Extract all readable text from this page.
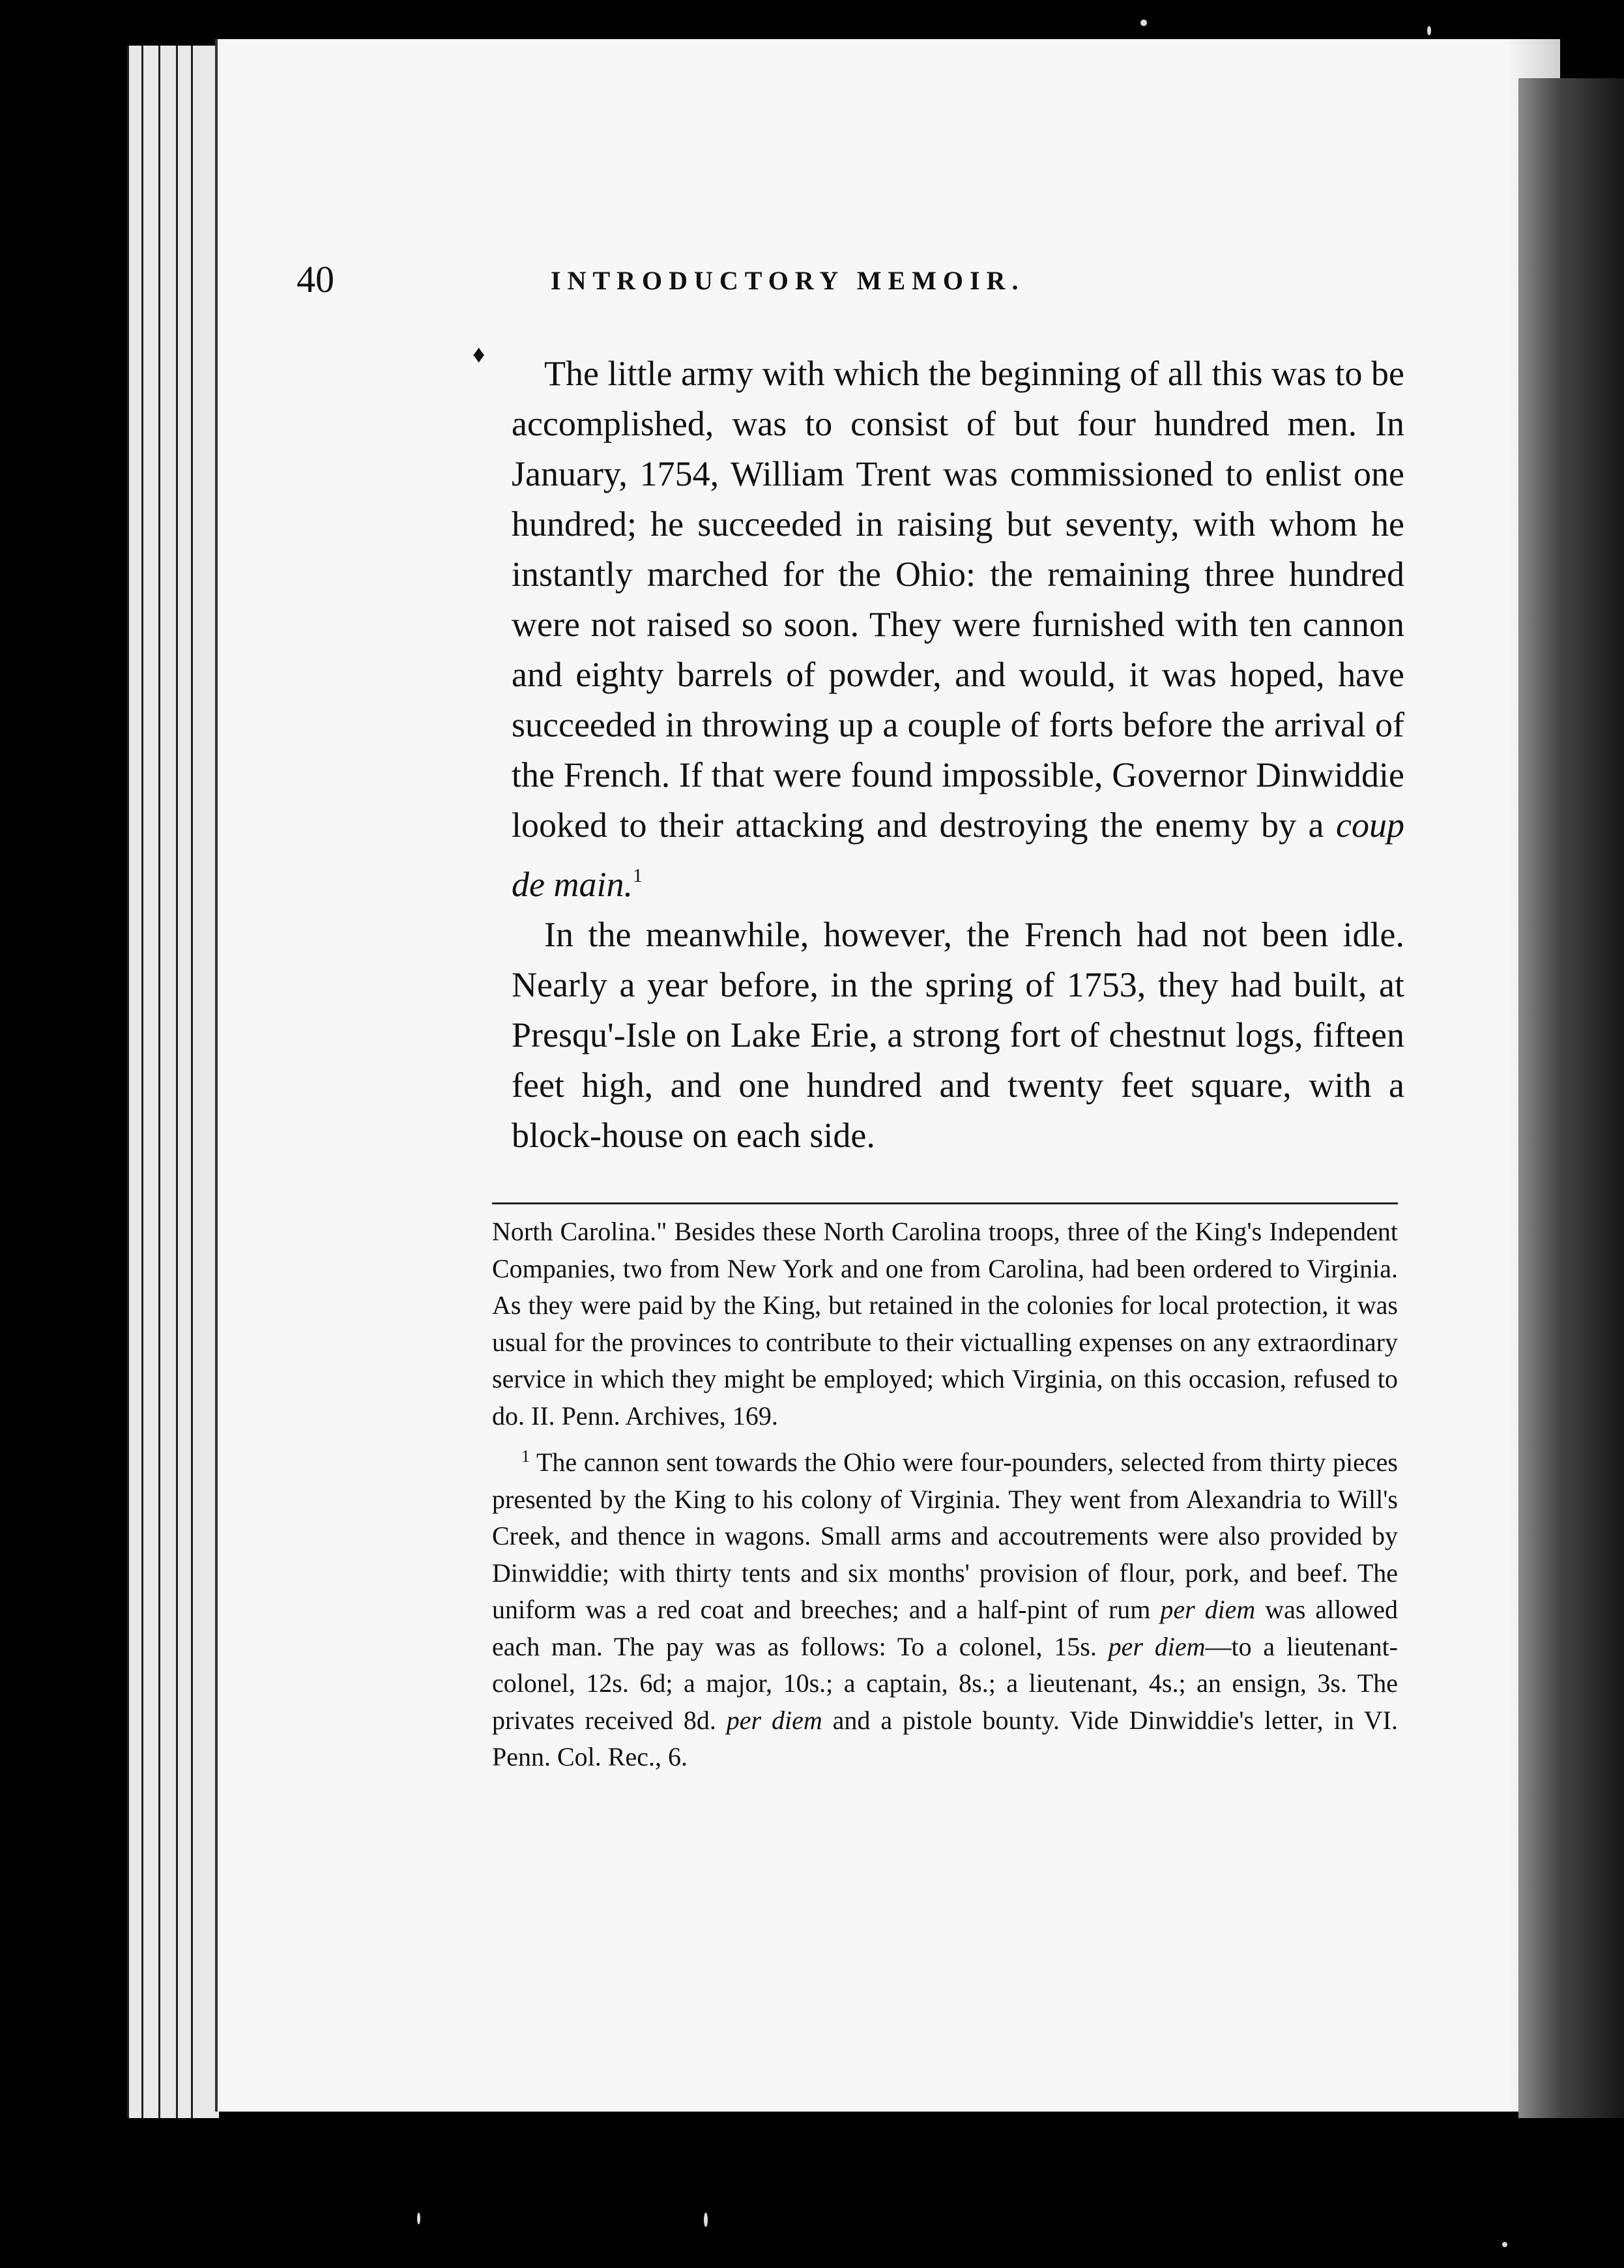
40	INTRODUCTORY MEMOIR.
♦	The little army with which the beginning of all this was to be accomplished, was to consist of but four hundred men. In January, 1754, William Trent was commissioned to enlist one hundred; he succeeded in raising but seventy, with whom he instantly marched for the Ohio: the remaining three hundred were not raised so soon. They were furnished with ten cannon and eighty barrels of powder, and would, it was hoped, have succeeded in throwing up a couple of forts before the arrival of the French. If that were found impossible, Governor Dinwiddie looked to their attacking and destroying the enemy by a coup de main.$^1$

In the meanwhile, however, the French had not been idle. Nearly a year before, in the spring of 1753, they had built, at Presqu'-Isle on Lake Erie, a strong fort of chestnut logs, fifteen feet high, and one hundred and twenty feet square, with a block-house on each side.

North Carolina." Besides these North Carolina troops, three of the King's Independent Companies, two from New York and one from Carolina, had been ordered to Virginia. As they were paid by the King, but retained in the colonies for local protection, it was usual for the provinces to contribute to their victualling expenses on any extraordinary service in which they might be employed; which Virginia, on this occasion, refused to do. II. Penn. Archives, 169.

$^1$ The cannon sent towards the Ohio were four-pounders, selected from thirty pieces presented by the King to his colony of Virginia. They went from Alexandria to Will's Creek, and thence in wagons. Small arms and accoutrements were also provided by Dinwiddie; with thirty tents and six months' provision of flour, pork, and beef. The uniform was a red coat and breeches; and a half-pint of rum per diem was allowed each man. The pay was as follows: To a colonel, 15s. per diem—to a lieutenant-colonel, 12s. 6d; a major, 10s.; a captain, 8s.; a lieutenant, 4s.; an ensign, 3s. The privates received 8d. per diem and a pistole bounty. Vide Dinwiddie's letter, in VI. Penn. Col. Rec., 6.
